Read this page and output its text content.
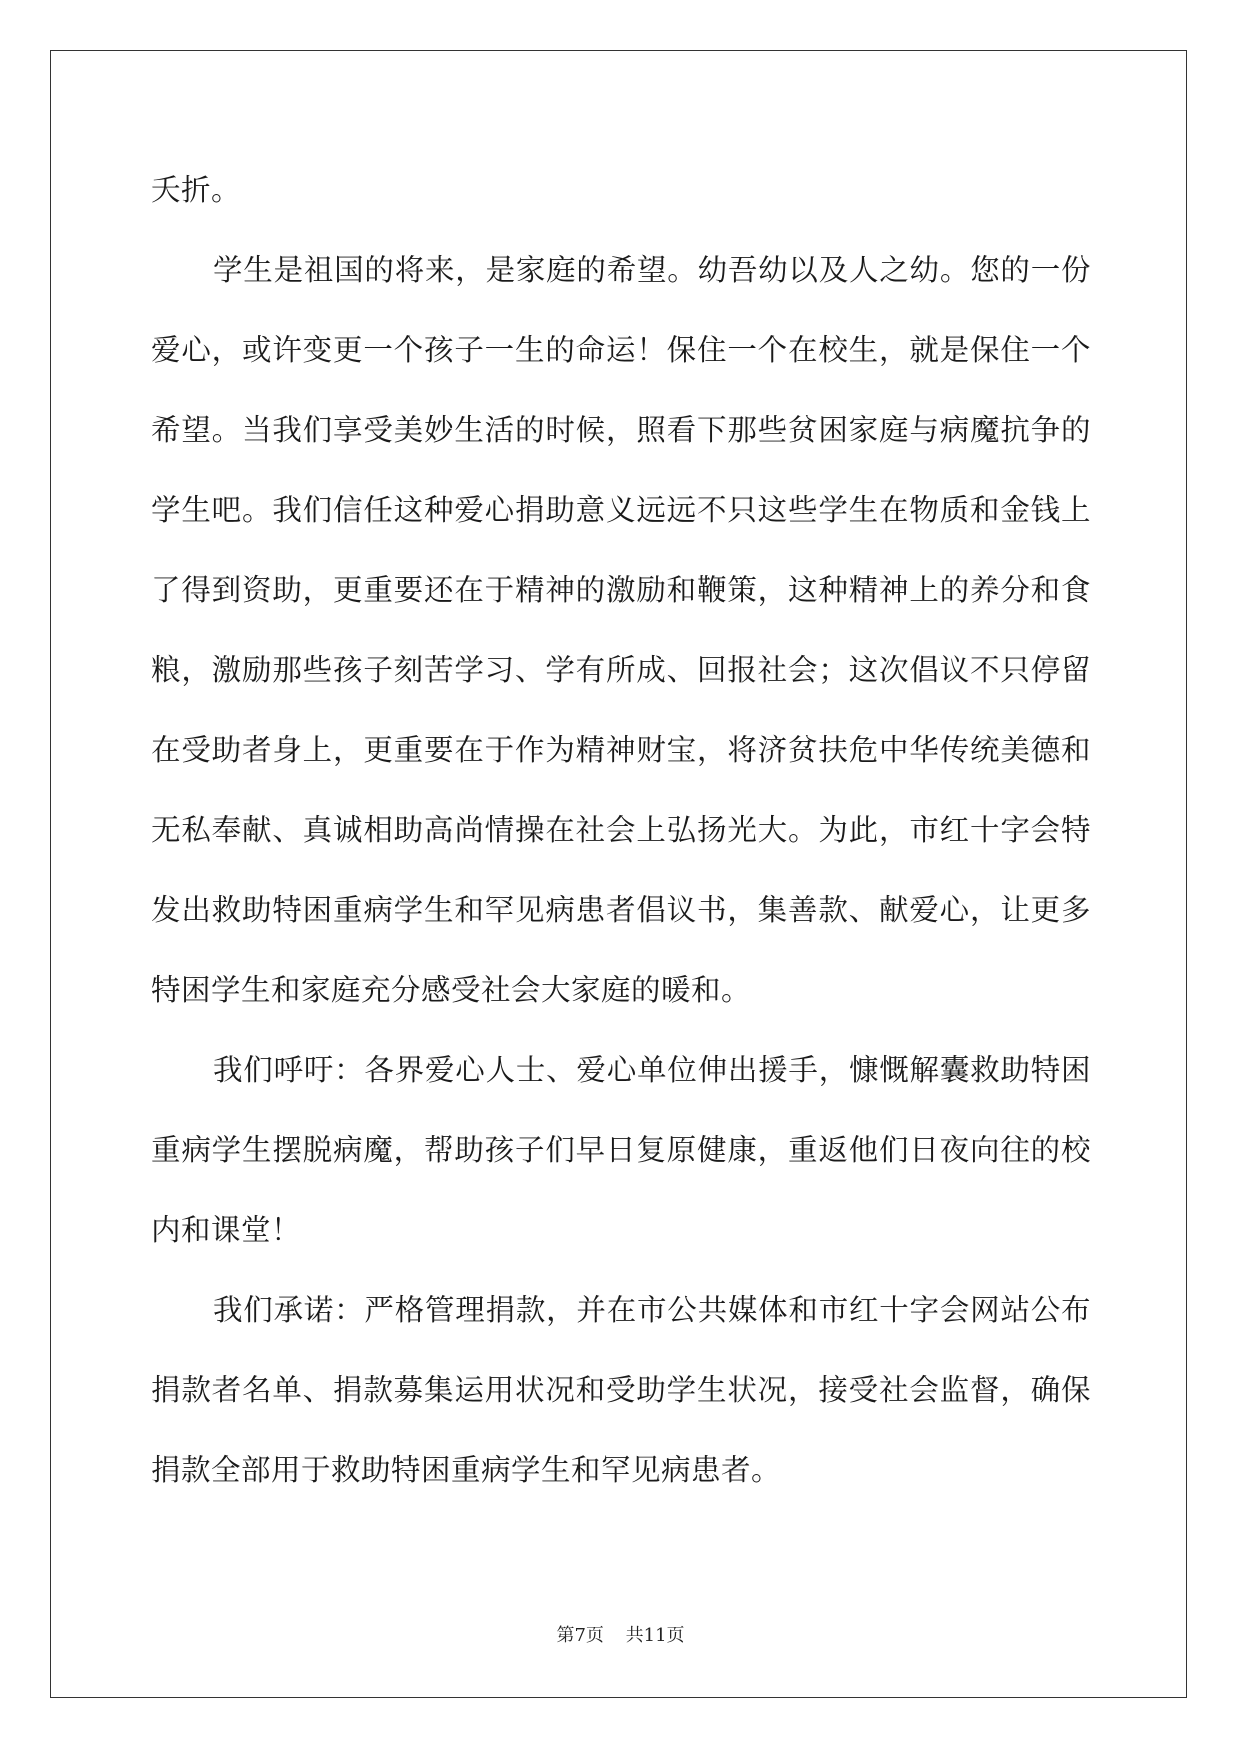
夭折。

学生是祖国的将来，是家庭的希望。幼吾幼以及人之幼。您的一份爱心，或许变更一个孩子一生的命运！保住一个在校生，就是保住一个希望。当我们享受美妙生活的时候，照看下那些贫困家庭与病魔抗争的学生吧。我们信任这种爱心捐助意义远远不只这些学生在物质和金钱上了得到资助，更重要还在于精神的激励和鞭策，这种精神上的养分和食粮，激励那些孩子刻苦学习、学有所成、回报社会；这次倡议不只停留在受助者身上，更重要在于作为精神财宝，将济贫扶危中华传统美德和无私奉献、真诚相助高尚情操在社会上弘扬光大。为此，市红十字会特发出救助特困重病学生和罕见病患者倡议书，集善款、献爱心，让更多特困学生和家庭充分感受社会大家庭的暖和。

我们呼吁：各界爱心人士、爱心单位伸出援手，慷慨解囊救助特困重病学生摆脱病魔，帮助孩子们早日复原健康，重返他们日夜向往的校内和课堂！

我们承诺：严格管理捐款，并在市公共媒体和市红十字会网站公布捐款者名单、捐款募集运用状况和受助学生状况，接受社会监督，确保捐款全部用于救助特困重病学生和罕见病患者。

第7页 共11页
